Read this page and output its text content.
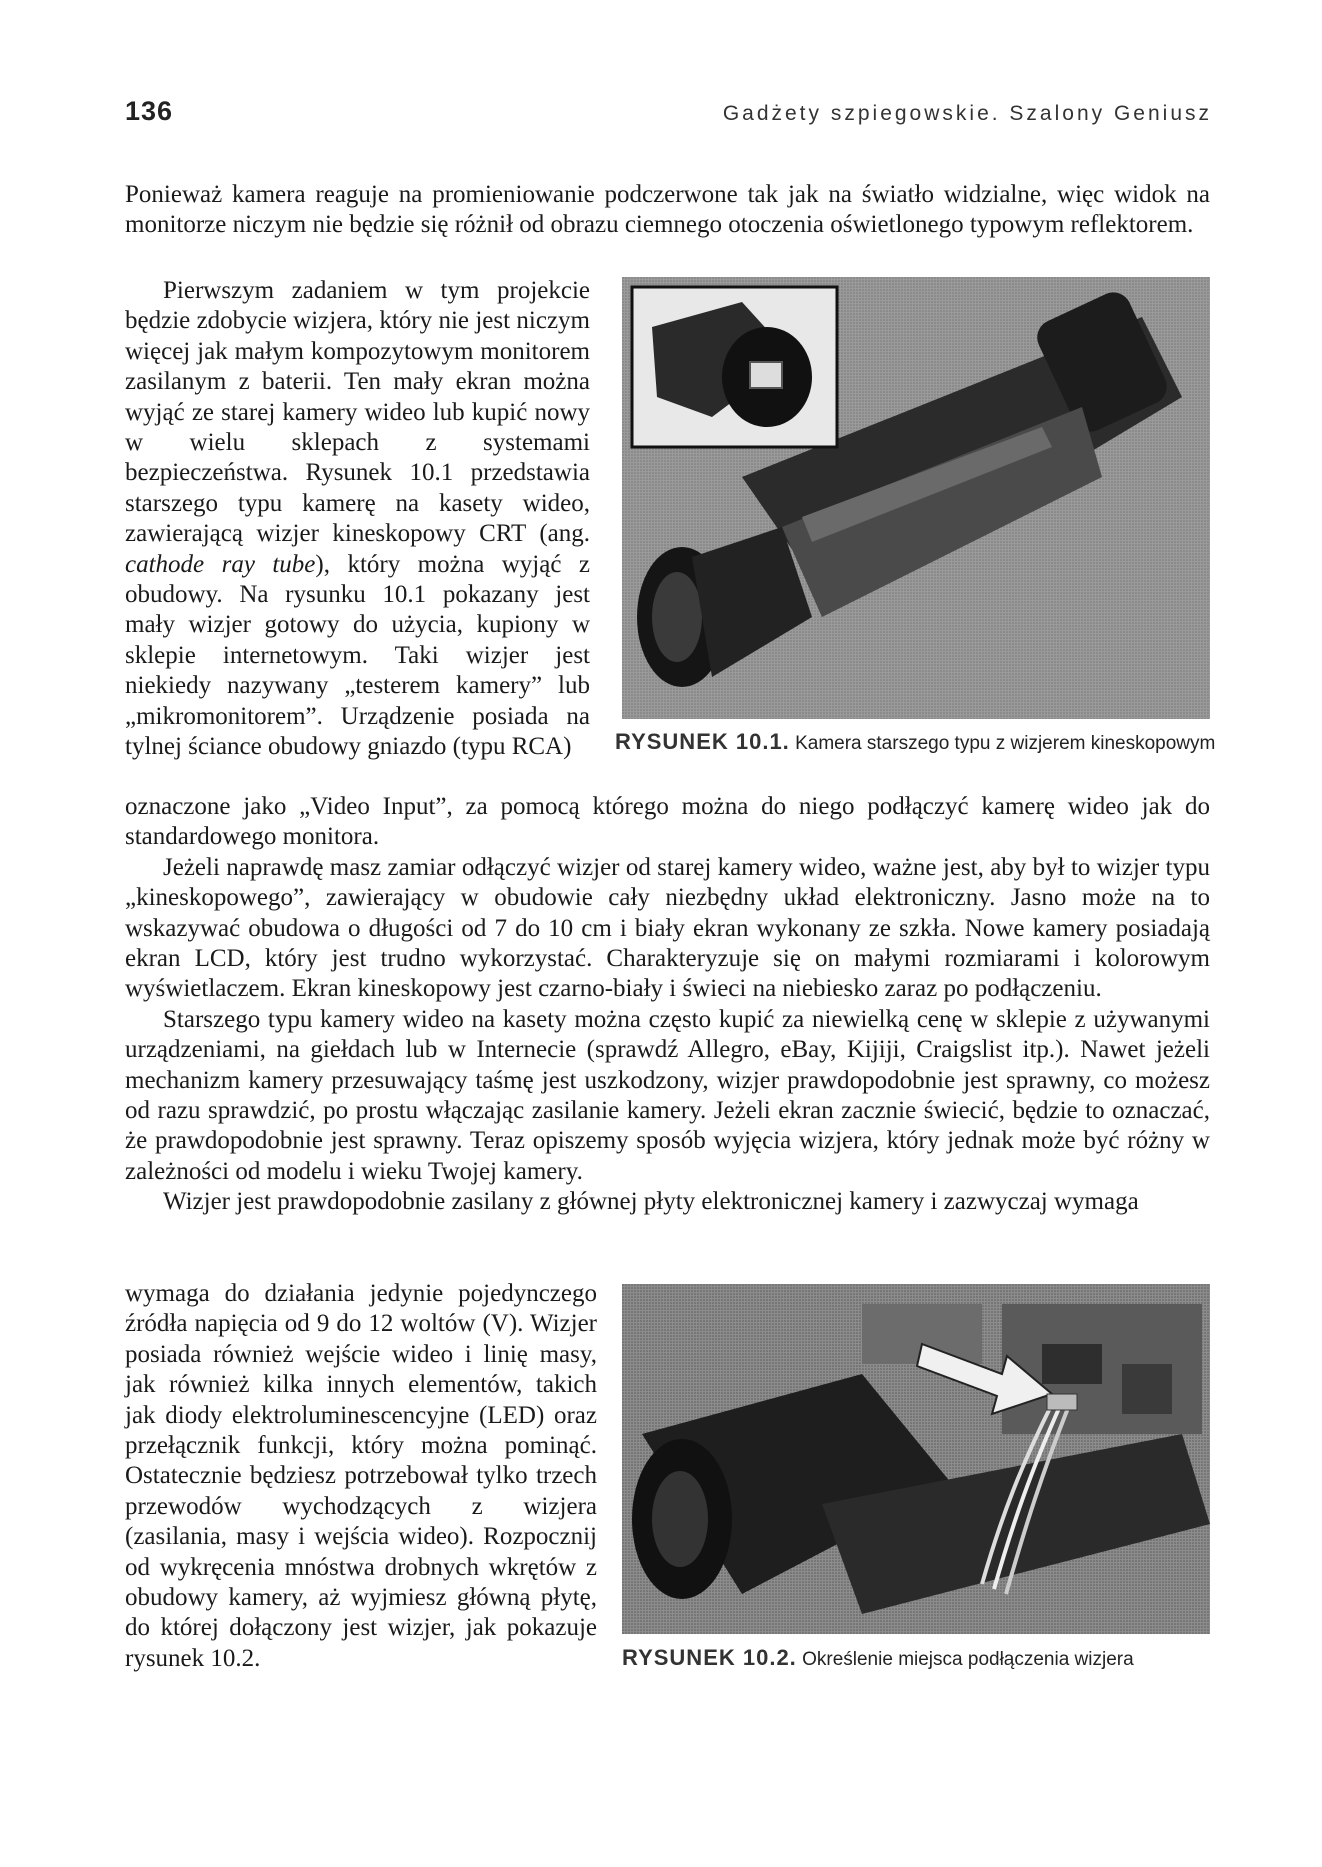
136	Gadżety szpiegowskie. Szalony Geniusz

Ponieważ kamera reaguje na promieniowanie podczerwone tak jak na światło widzialne, więc widok na monitorze niczym nie będzie się różnił od obrazu ciemnego otoczenia oświetlonego typowym reflektorem.

Pierwszym zadaniem w tym projekcie będzie zdobycie wizjera, który nie jest niczym więcej jak małym kompozytowym monitorem zasilanym z baterii. Ten mały ekran można wyjąć ze starej kamery wideo lub kupić nowy w wielu sklepach z systemami bezpieczeństwa. Rysunek 10.1 przedstawia starszego typu kamerę na kasety wideo, zawierającą wizjer kineskopowy CRT (ang. cathode ray tube), który można wyjąć z obudowy. Na rysunku 10.1 pokazany jest mały wizjer gotowy do użycia, kupiony w sklepie internetowym. Taki wizjer jest niekiedy nazywany „testerem kamery” lub „mikromonitorem”. Urządzenie posiada na tylnej ściance obudowy gniazdo (typu RCA)	RYSUNEK 10.1. Kamera starszego typu z wizjerem kineskopowym

oznaczone jako „Video Input”, za pomocą którego można do niego podłączyć kamerę wideo jak do standardowego monitora.

Jeżeli naprawdę masz zamiar odłączyć wizjer od starej kamery wideo, ważne jest, aby był to wizjer typu „kineskopowego”, zawierający w obudowie cały niezbędny układ elektroniczny. Jasno może na to wskazywać obudowa o długości od 7 do 10 cm i biały ekran wykonany ze szkła. Nowe kamery posiadają ekran LCD, który jest trudno wykorzystać. Charakteryzuje się on małymi rozmiarami i kolorowym wyświetlaczem. Ekran kineskopowy jest czarno-biały i świeci na niebiesko zaraz po podłączeniu.

Starszego typu kamery wideo na kasety można często kupić za niewielką cenę w sklepie z używanymi urządzeniami, na giełdach lub w Internecie (sprawdź Allegro, eBay, Kijiji, Craigslist itp.). Nawet jeżeli mechanizm kamery przesuwający taśmę jest uszkodzony, wizjer prawdopodobnie jest sprawny, co możesz od razu sprawdzić, po prostu włączając zasilanie kamery. Jeżeli ekran zacznie świecić, będzie to oznaczać, że prawdopodobnie jest sprawny. Teraz opiszemy sposób wyjęcia wizjera, który jednak może być różny w zależności od modelu i wieku Twojej kamery.

Wizjer jest prawdopodobnie zasilany z głównej płyty elektronicznej kamery i zazwyczaj wymaga

wymaga do działania jedynie pojedynczego źródła napięcia od 9 do 12 woltów (V). Wizjer posiada również wejście wideo i linię masy, jak również kilka innych elementów, takich jak diody elektroluminescencyjne (LED) oraz przełącznik funkcji, który można pominąć. Ostatecznie będziesz potrzebował tylko trzech przewodów wychodzących z wizjera (zasilania, masy i wejścia wideo). Rozpocznij od wykręcenia mnóstwa drobnych wkrętów z obudowy kamery, aż wyjmiesz główną płytę, do której dołączony jest wizjer, jak pokazuje rysunek 10.2.	RYSUNEK 10.2. Określenie miejsca podłączenia wizjera
